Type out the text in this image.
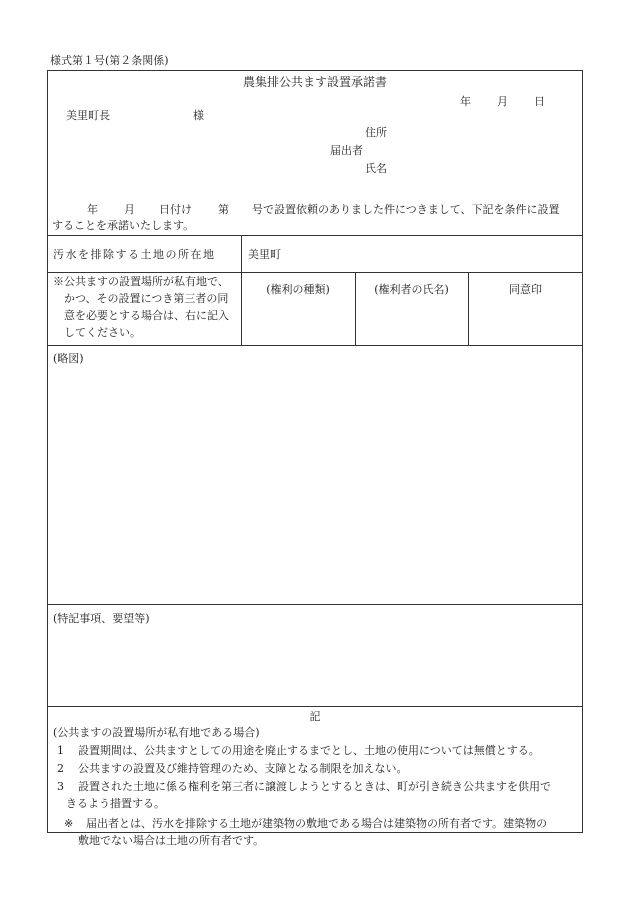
様式第１号(第２条関係)
農集排公共ます設置承諾書
年 月 日
美里町長	様
住所
届出者
氏名
年 月 日付け 第 号で設置依頼のありました件につきまして、下記を条件に設置
することを承諾いたします。
汚水を排除する土地の所在地	美里町
※公共ますの設置場所が私有地で、
かつ、その設置につき第三者の同
意を必要とする場合は、右に記入
してください。
(権利の種類)	(権利者の氏名)	同意印
(略図)
(特記事項、要望等)
記
(公共ますの設置場所が私有地である場合)
1 設置期間は、公共ますとしての用途を廃止するまでとし、土地の使用については無償とする。
2 公共ますの設置及び維持管理のため、支障となる制限を加えない。
3 設置された土地に係る権利を第三者に譲渡しようとするときは、町が引き続き公共ますを供用で
きるよう措置する。
※ 届出者とは、汚水を排除する土地が建築物の敷地である場合は建築物の所有者です。建築物の
敷地でない場合は土地の所有者です。
